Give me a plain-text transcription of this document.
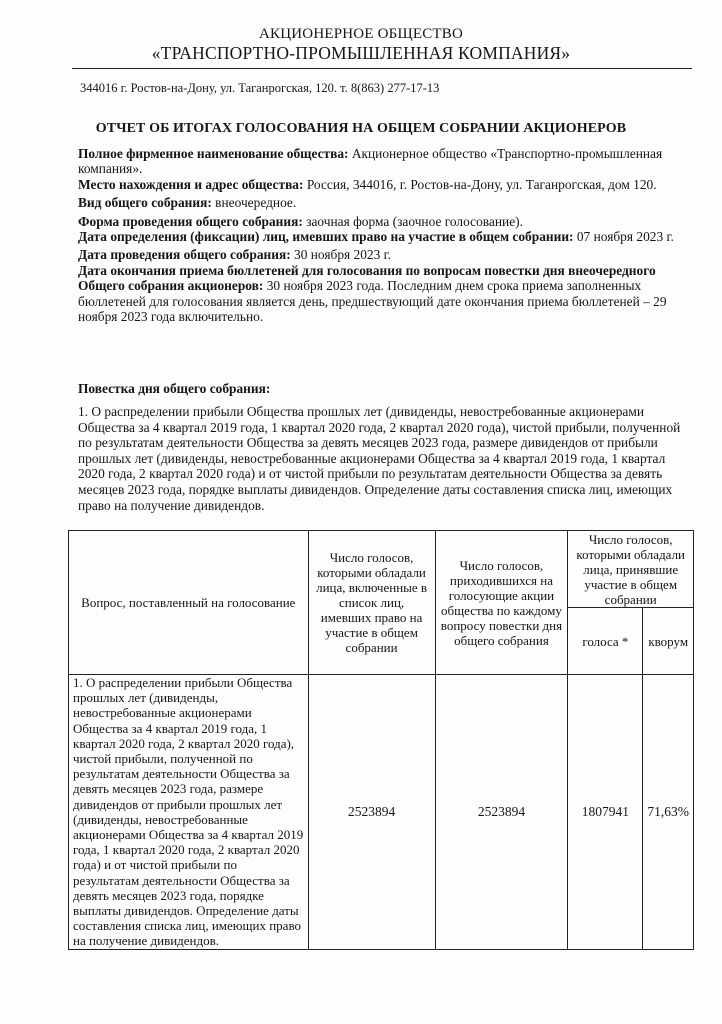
АКЦИОНЕРНОЕ ОБЩЕСТВО
«ТРАНСПОРТНО-ПРОМЫШЛЕННАЯ КОМПАНИЯ»
344016 г. Ростов-на-Дону, ул. Таганрогская, 120. т. 8(863) 277-17-13
ОТЧЕТ ОБ ИТОГАХ ГОЛОСОВАНИЯ НА ОБЩЕМ СОБРАНИИ АКЦИОНЕРОВ

Полное фирменное наименование общества: Акционерное общество «Транспортно-промышленная компания».

Место нахождения и адрес общества: Россия, 344016, г. Ростов-на-Дону, ул. Таганрогская, дом 120.

Вид общего собрания: внеочередное.

Форма проведения общего собрания: заочная форма (заочное голосование).

Дата определения (фиксации) лиц, имевших право на участие в общем собрании: 07 ноября 2023 г.

Дата проведения общего собрания: 30 ноября 2023 г.

Дата окончания приема бюллетеней для голосования по вопросам повестки дня внеочередного Общего собрания акционеров: 30 ноября 2023 года. Последним днем срока приема заполненных бюллетеней для голосования является день, предшествующий дате окончания приема бюллетеней – 29 ноября 2023 года включительно.

Повестка дня общего собрания:

1. О распределении прибыли Общества прошлых лет (дивиденды, невостребованные акционерами Общества за 4 квартал 2019 года, 1 квартал 2020 года, 2 квартал 2020 года), чистой прибыли, полученной по результатам деятельности Общества за девять месяцев 2023 года, размере дивидендов от прибыли прошлых лет (дивиденды, невостребованные акционерами Общества за 4 квартал 2019 года, 1 квартал 2020 года, 2 квартал 2020 года) и от чистой прибыли по результатам деятельности Общества за девять месяцев 2023 года, порядке выплаты дивидендов. Определение даты составления списка лиц, имеющих право на получение дивидендов.

Вопрос, поставленный на голосование	Число голосов, которыми обладали лица, включенные в список лиц, имевших право на участие в общем собрании	Число голосов, приходившихся на голосующие акции общества по каждому вопросу повестки дня общего собрания	Число голосов, которыми обладали лица, принявшие участие в общем собрании	
			голоса *	кворум
1. О распределении прибыли Общества прошлых лет (дивиденды, невостребованные акционерами Общества за 4 квартал 2019 года, 1 квартал 2020 года, 2 квартал 2020 года), чистой прибыли, полученной по результатам деятельности Общества за девять месяцев 2023 года, размере дивидендов от прибыли прошлых лет (дивиденды, невостребованные акционерами Общества за 4 квартал 2019 года, 1 квартал 2020 года, 2 квартал 2020 года) и от чистой прибыли по результатам деятельности Общества за девять месяцев 2023 года, порядке выплаты дивидендов. Определение даты составления списка лиц, имеющих право на получение дивидендов.	2523894	2523894	1807941	71,63%
